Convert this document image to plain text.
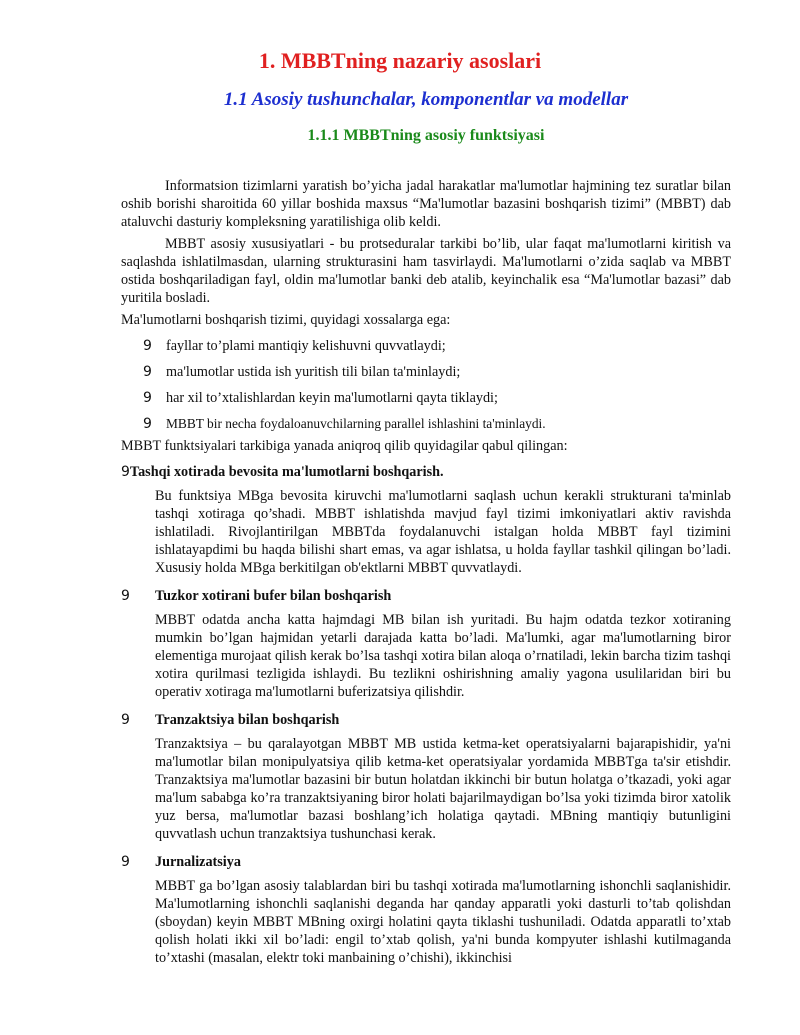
1. MBBTning nazariy asoslari
1.1 Asosiy tushunchalar, komponentlar va modellar
1.1.1 MBBTning asosiy funktsiyasi

Informatsion tizimlarni yaratish bo’yicha jadal harakatlar ma'lumotlar hajmining tez suratlar bilan oshib borishi sharoitida 60 yillar boshida maxsus “Ma'lumotlar bazasini boshqarish tizimi” (MBBT) dab ataluvchi dasturiy kompleksning yaratilishiga olib keldi.

MBBT asosiy xususiyatlari - bu protseduralar tarkibi bo’lib, ular faqat ma'lumotlarni kiritish va saqlashda ishlatilmasdan, ularning strukturasini ham tasvirlaydi. Ma'lumotlarni o’zida saqlab va MBBT ostida boshqariladigan fayl, oldin ma'lumotlar banki deb atalib, keyinchalik esa “Ma'lumotlar bazasi” dab yuritila bosladi.

Ma'lumotlarni boshqarish tizimi, quyidagi xossalarga ega:

9 fayllar to’plami mantiqiy kelishuvni quvvatlaydi;

9 ma'lumotlar ustida ish yuritish tili bilan ta'minlaydi;

9 har xil to’xtalishlardan keyin ma'lumotlarni qayta tiklaydi;

9 MBBT bir necha foydaloanuvchilarning parallel ishlashini ta'minlaydi.

MBBT funktsiyalari tarkibiga yanada aniqroq qilib quyidagilar qabul qilingan:

9Tashqi xotirada bevosita ma'lumotlarni boshqarish.

Bu funktsiya MBga bevosita kiruvchi ma'lumotlarni saqlash uchun kerakli strukturani ta'minlab tashqi xotiraga qo’shadi. MBBT ishlatishda mavjud fayl tizimi imkoniyatlari aktiv ravishda ishlatiladi. Rivojlantirilgan MBBTda foydalanuvchi istalgan holda MBBT fayl tizimini ishlatayapdimi bu haqda bilishi shart emas, va agar ishlatsa, u holda fayllar tashkil qilingan bo’ladi. Xususiy holda MBga berkitilgan ob'ektlarni MBBT quvvatlaydi.

9 Tuzkor xotirani bufer bilan boshqarish

MBBT odatda ancha katta hajmdagi MB bilan ish yuritadi. Bu hajm odatda tezkor xotiraning mumkin bo’lgan hajmidan yetarli darajada katta bo’ladi. Ma'lumki, agar ma'lumotlarning biror elementiga murojaat qilish kerak bo’lsa tashqi xotira bilan aloqa o’rnatiladi, lekin barcha tizim tashqi xotira qurilmasi tezligida ishlaydi. Bu tezlikni oshirishning amaliy yagona usulilaridan biri bu operativ xotiraga ma'lumotlarni buferizatsiya qilishdir.

9 Tranzaktsiya bilan boshqarish

Tranzaktsiya – bu qaralayotgan MBBT MB ustida ketma-ket operatsiyalarni bajarарishidir, ya'ni ma'lumotlar bilan monipulyatsiya qilib ketma-ket operatsiyalar yordamida MBBTga ta'sir etishdir. Tranzaktsiya ma'lumotlar bazasini bir butun holatdan ikkinchi bir butun holatga o’tkazadi, yoki agar ma'lum sababga ko’ra tranzaktsiyaning biror holati bajarilmaydigan bo’lsa yoki tizimda biror xatolik yuz bersa, ma'lumotlar bazasi boshlang’ich holatiga qaytadi. MBning mantiqiy butunligini quvvatlash uchun tranzaktsiya tushunchasi kerak.

9 Jurnalizatsiya

MBBT ga bo’lgan asosiy talablardan biri bu tashqi xotirada ma'lumotlarning ishonchli saqlanishidir. Ma'lumotlarning ishonchli saqlanishi deganda har qanday apparatli yoki dasturli to’tab qolishdan (sboydan) keyin MBBT MBning oxirgi holatini qayta tiklashi tushuniladi. Odatda apparatli to’xtab qolish holati ikki xil bo’ladi: engil to’xtab qolish, ya'ni bunda kompyuter ishlashi kutilmaganda to’xtashi (masalan, elektr toki manbaining o’chishi), ikkinchisi
